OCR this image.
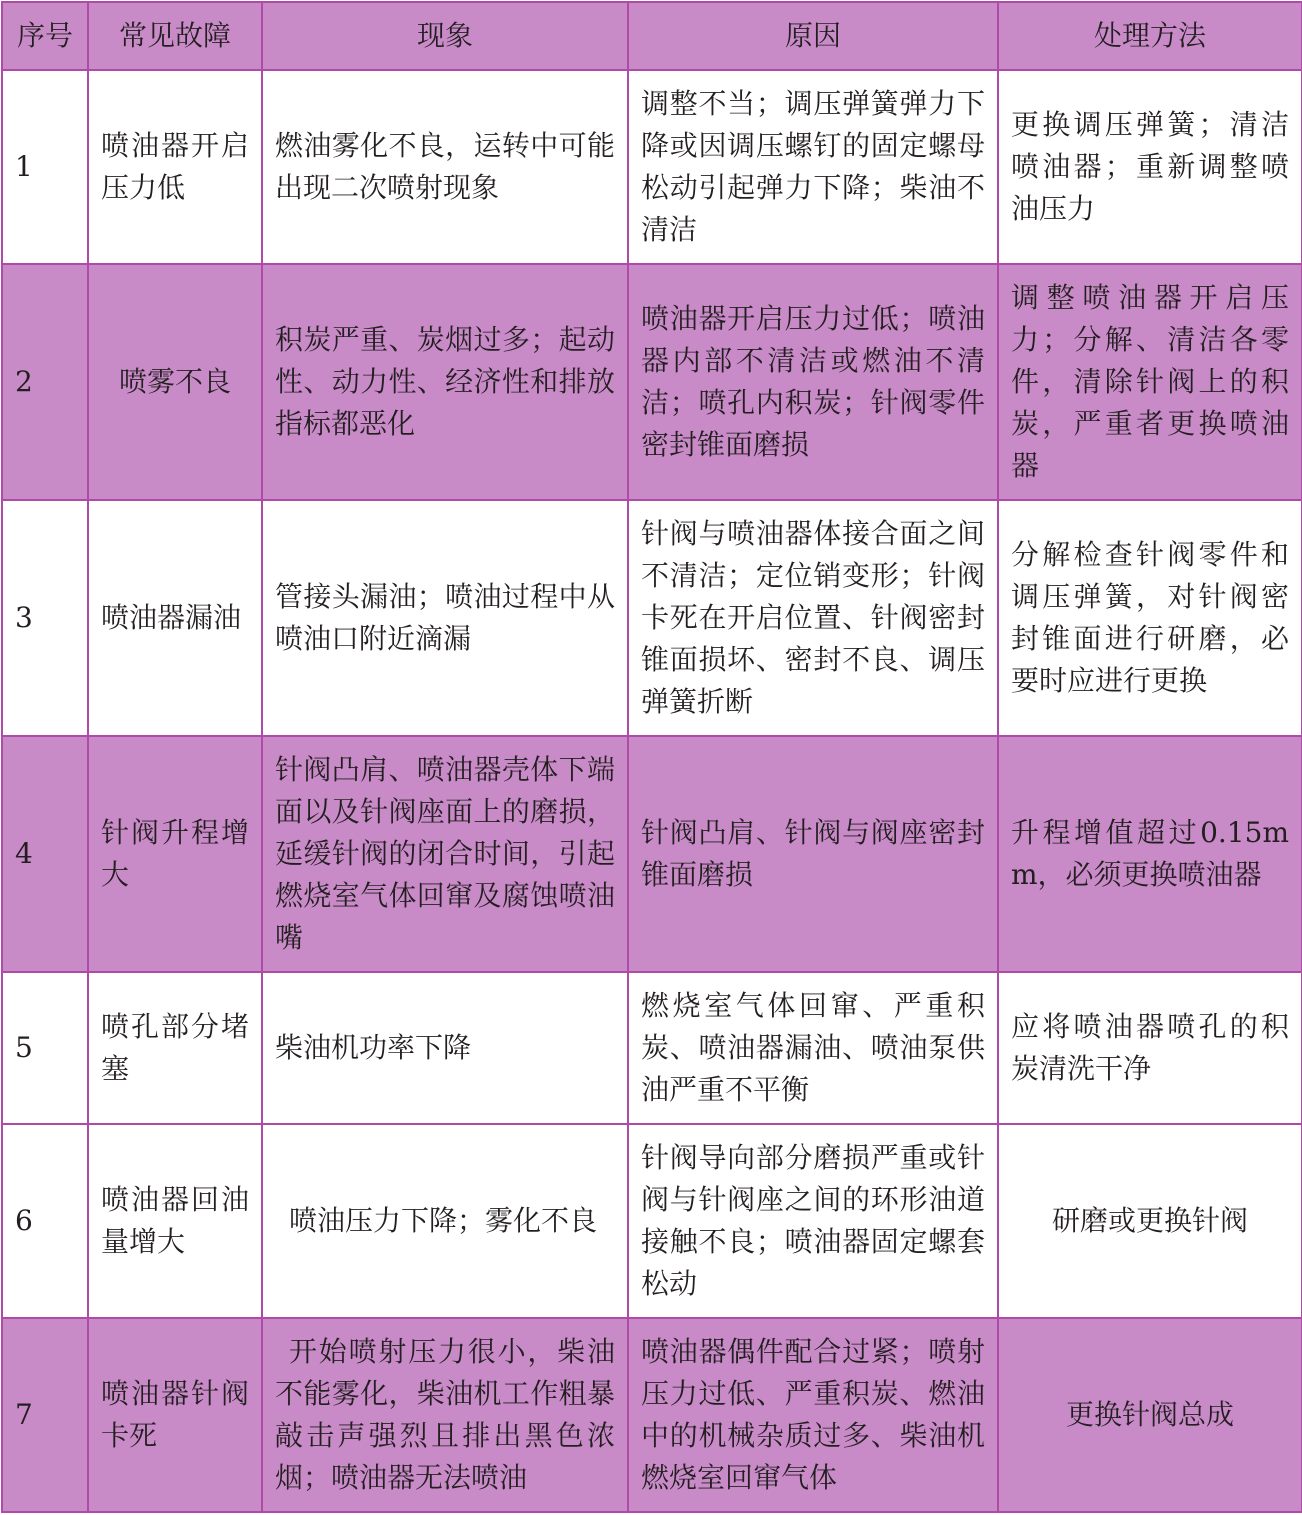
序号	常见故障	现象	原因	处理方法
1	喷油器开启压力低	燃油雾化不良，运转中可能出现二次喷射现象	调整不当；调压弹簧弹力下降或因调压螺钉的固定螺母松动引起弹力下降；柴油不清洁	更换调压弹簧；清洁喷油器；重新调整喷油压力
2	喷雾不良	积炭严重、炭烟过多；起动性、动力性、经济性和排放指标都恶化	喷油器开启压力过低；喷油器内部不清洁或燃油不清洁；喷孔内积炭；针阀零件密封锥面磨损	调整喷油器开启压力；分解、清洁各零件，清除针阀上的积炭，严重者更换喷油器
3	喷油器漏油	管接头漏油；喷油过程中从喷油口附近滴漏	针阀与喷油器体接合面之间不清洁；定位销变形；针阀卡死在开启位置、针阀密封锥面损坏、密封不良、调压弹簧折断	分解检查针阀零件和调压弹簧，对针阀密封锥面进行研磨，必要时应进行更换
4	针阀升程增大	针阀凸肩、喷油器壳体下端面以及针阀座面上的磨损，延缓针阀的闭合时间，引起燃烧室气体回窜及腐蚀喷油嘴	针阀凸肩、针阀与阀座密封锥面磨损	升程增值超过0.15mm，必须更换喷油器
5	喷孔部分堵塞	柴油机功率下降	燃烧室气体回窜、严重积炭、喷油器漏油、喷油泵供油严重不平衡	应将喷油器喷孔的积炭清洗干净
6	喷油器回油量增大	喷油压力下降；雾化不良	针阀导向部分磨损严重或针阀与针阀座之间的环形油道接触不良；喷油器固定螺套松动	研磨或更换针阀
7	喷油器针阀卡死	开始喷射压力很小，柴油不能雾化，柴油机工作粗暴敲击声强烈且排出黑色浓烟；喷油器无法喷油	喷油器偶件配合过紧；喷射压力过低、严重积炭、燃油中的机械杂质过多、柴油机燃烧室回窜气体	更换针阀总成
